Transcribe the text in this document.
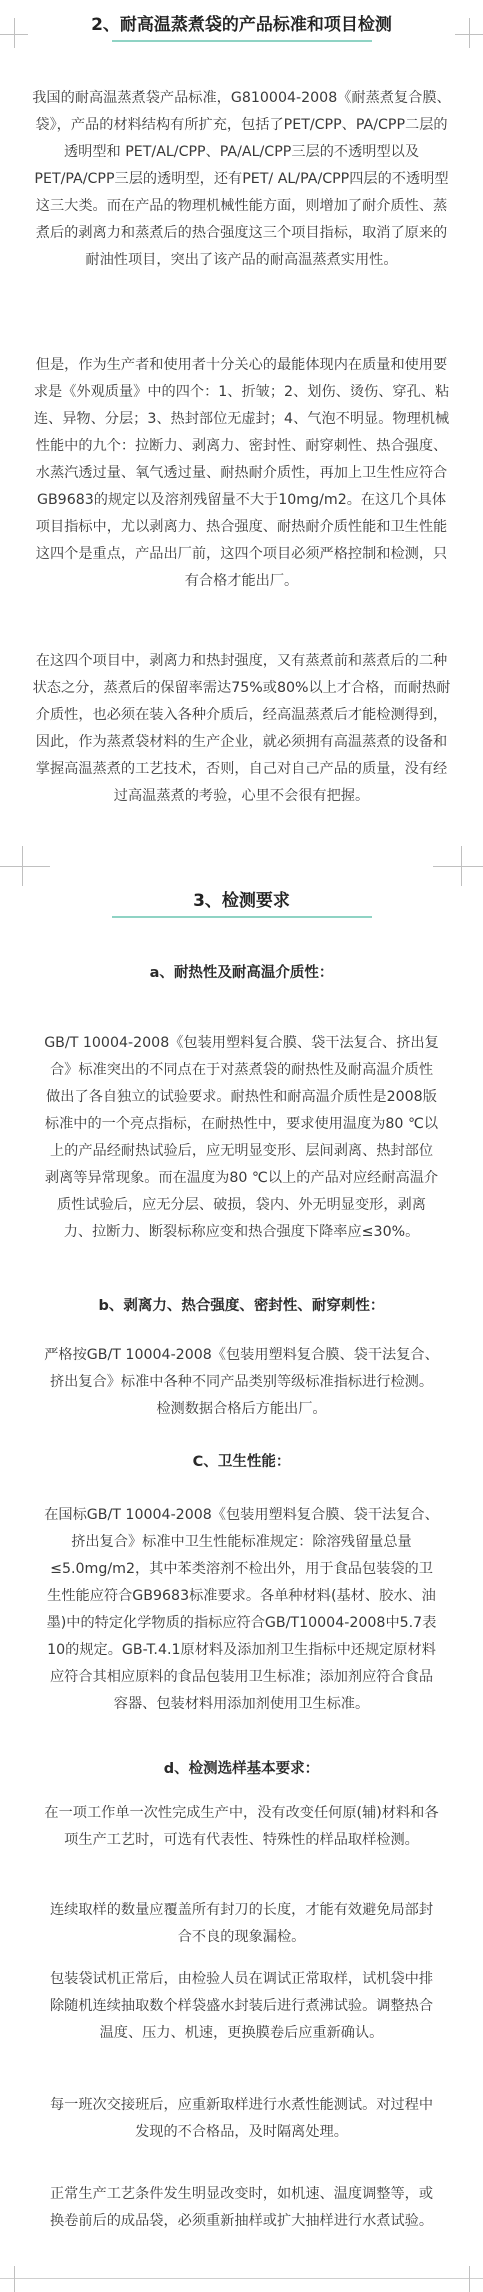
2、耐高温蒸煮袋的产品标准和项目检测

我国的耐高温蒸煮袋产品标准，G810004-2008《耐蒸煮复合膜、袋》，产品的材料结构有所扩充，包括了PET/CPP、PA/CPP二层的透明型和 PET/AL/CPP、PA/AL/CPP三层的不透明型以及PET/PA/CPP三层的透明型，还有PET/ AL/PA/CPP四层的不透明型这三大类。而在产品的物理机械性能方面，则增加了耐介质性、蒸煮后的剥离力和蒸煮后的热合强度这三个项目指标，取消了原来的耐油性项目，突出了该产品的耐高温蒸煮实用性。

但是，作为生产者和使用者十分关心的最能体现内在质量和使用要求是《外观质量》中的四个：1、折皱；2、划伤、烫伤、穿孔、粘连、异物、分层；3、热封部位无虚封；4、气泡不明显。物理机械性能中的九个：拉断力、剥离力、密封性、耐穿刺性、热合强度、水蒸汽透过量、氧气透过量、耐热耐介质性，再加上卫生性应符合GB9683的规定以及溶剂残留量不大于10mg/m2。在这几个具体项目指标中，尤以剥离力、热合强度、耐热耐介质性能和卫生性能这四个是重点，产品出厂前，这四个项目必须严格控制和检测，只有合格才能出厂。

在这四个项目中，剥离力和热封强度，又有蒸煮前和蒸煮后的二种状态之分，蒸煮后的保留率需达75%或80%以上才合格，而耐热耐介质性，也必须在装入各种介质后，经高温蒸煮后才能检测得到，因此，作为蒸煮袋材料的生产企业，就必须拥有高温蒸煮的设备和掌握高温蒸煮的工艺技术，否则，自己对自己产品的质量，没有经过高温蒸煮的考验，心里不会很有把握。

3、检测要求
a、耐热性及耐高温介质性：

GB/T 10004-2008《包装用塑料复合膜、袋干法复合、挤出复合》标准突出的不同点在于对蒸煮袋的耐热性及耐高温介质性做出了各自独立的试验要求。耐热性和耐高温介质性是2008版标准中的一个亮点指标，在耐热性中，要求使用温度为80 ℃以上的产品经耐热试验后，应无明显变形、层间剥离、热封部位剥离等异常现象。而在温度为80 ℃以上的产品对应经耐高温介质性试验后，应无分层、破损，袋内、外无明显变形，剥离力、拉断力、断裂标称应变和热合强度下降率应≤30%。

b、剥离力、热合强度、密封性、耐穿刺性：

严格按GB/T 10004-2008《包装用塑料复合膜、袋干法复合、挤出复合》标准中各种不同产品类别等级标准指标进行检测。检测数据合格后方能出厂。

C、卫生性能：

在国标GB/T 10004-2008《包装用塑料复合膜、袋干法复合、挤出复合》标准中卫生性能标准规定：除溶残留量总量≤5.0mg/m2，其中苯类溶剂不检出外，用于食品包装袋的卫生性能应符合GB9683标准要求。各单种材料(基材、胶水、油墨)中的特定化学物质的指标应符合GB/T10004-2008中5.7表10的规定。GB-T.4.1原材料及添加剂卫生指标中还规定原材料应符合其相应原料的食品包装用卫生标准；添加剂应符合食品容器、包装材料用添加剂使用卫生标准。

d、检测选样基本要求：

在一项工作单一次性完成生产中，没有改变任何原(辅)材料和各项生产工艺时，可选有代表性、特殊性的样品取样检测。

连续取样的数量应覆盖所有封刀的长度，才能有效避免局部封合不良的现象漏检。

包装袋试机正常后，由检验人员在调试正常取样，试机袋中排除随机连续抽取数个样袋盛水封装后进行煮沸试验。调整热合温度、压力、机速，更换膜卷后应重新确认。

每一班次交接班后，应重新取样进行水煮性能测试。对过程中发现的不合格品，及时隔离处理。

正常生产工艺条件发生明显改变时，如机速、温度调整等，或换卷前后的成品袋，必须重新抽样或扩大抽样进行水煮试验。
